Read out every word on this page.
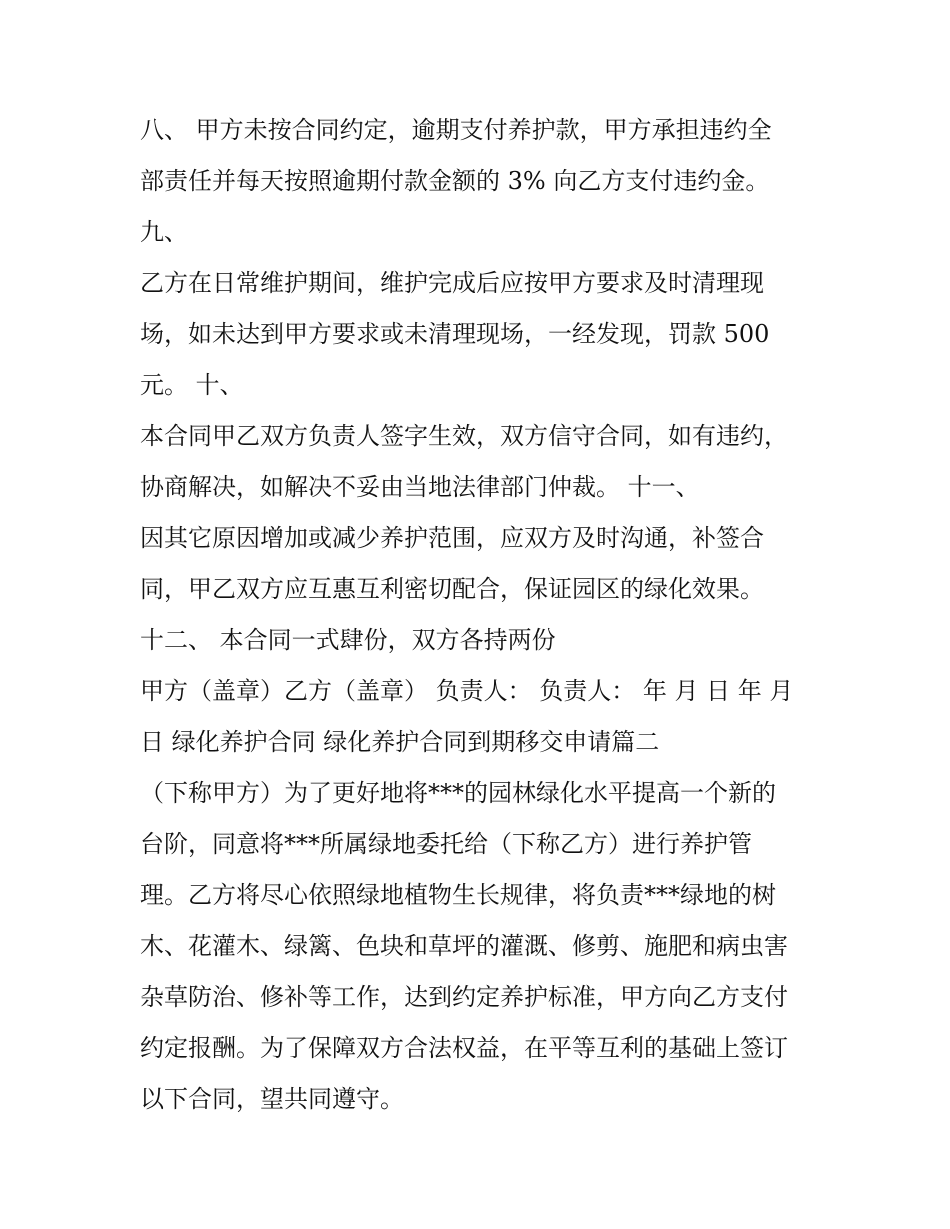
八、 甲方未按合同约定，逾期支付养护款，甲方承担违约全
部责任并每天按照逾期付款金额的 3% 向乙方支付违约金。
九、
乙方在日常维护期间，维护完成后应按甲方要求及时清理现
场，如未达到甲方要求或未清理现场，一经发现，罚款 500
元。 十、
本合同甲乙双方负责人签字生效，双方信守合同，如有违约，
协商解决，如解决不妥由当地法律部门仲裁。 十一、
因其它原因增加或减少养护范围，应双方及时沟通，补签合
同，甲乙双方应互惠互利密切配合，保证园区的绿化效果。
十二、 本合同一式肆份，双方各持两份
甲方（盖章）乙方（盖章） 负责人： 负责人： 年 月 日 年 月
日 绿化养护合同 绿化养护合同到期移交申请篇二
（下称甲方）为了更好地将***的园林绿化水平提高一个新的
台阶，同意将***所属绿地委托给（下称乙方）进行养护管
理。乙方将尽心依照绿地植物生长规律，将负责***绿地的树
木、花灌木、绿篱、色块和草坪的灌溉、修剪、施肥和病虫害
杂草防治、修补等工作，达到约定养护标准，甲方向乙方支付
约定报酬。为了保障双方合法权益，在平等互利的基础上签订
以下合同，望共同遵守。
